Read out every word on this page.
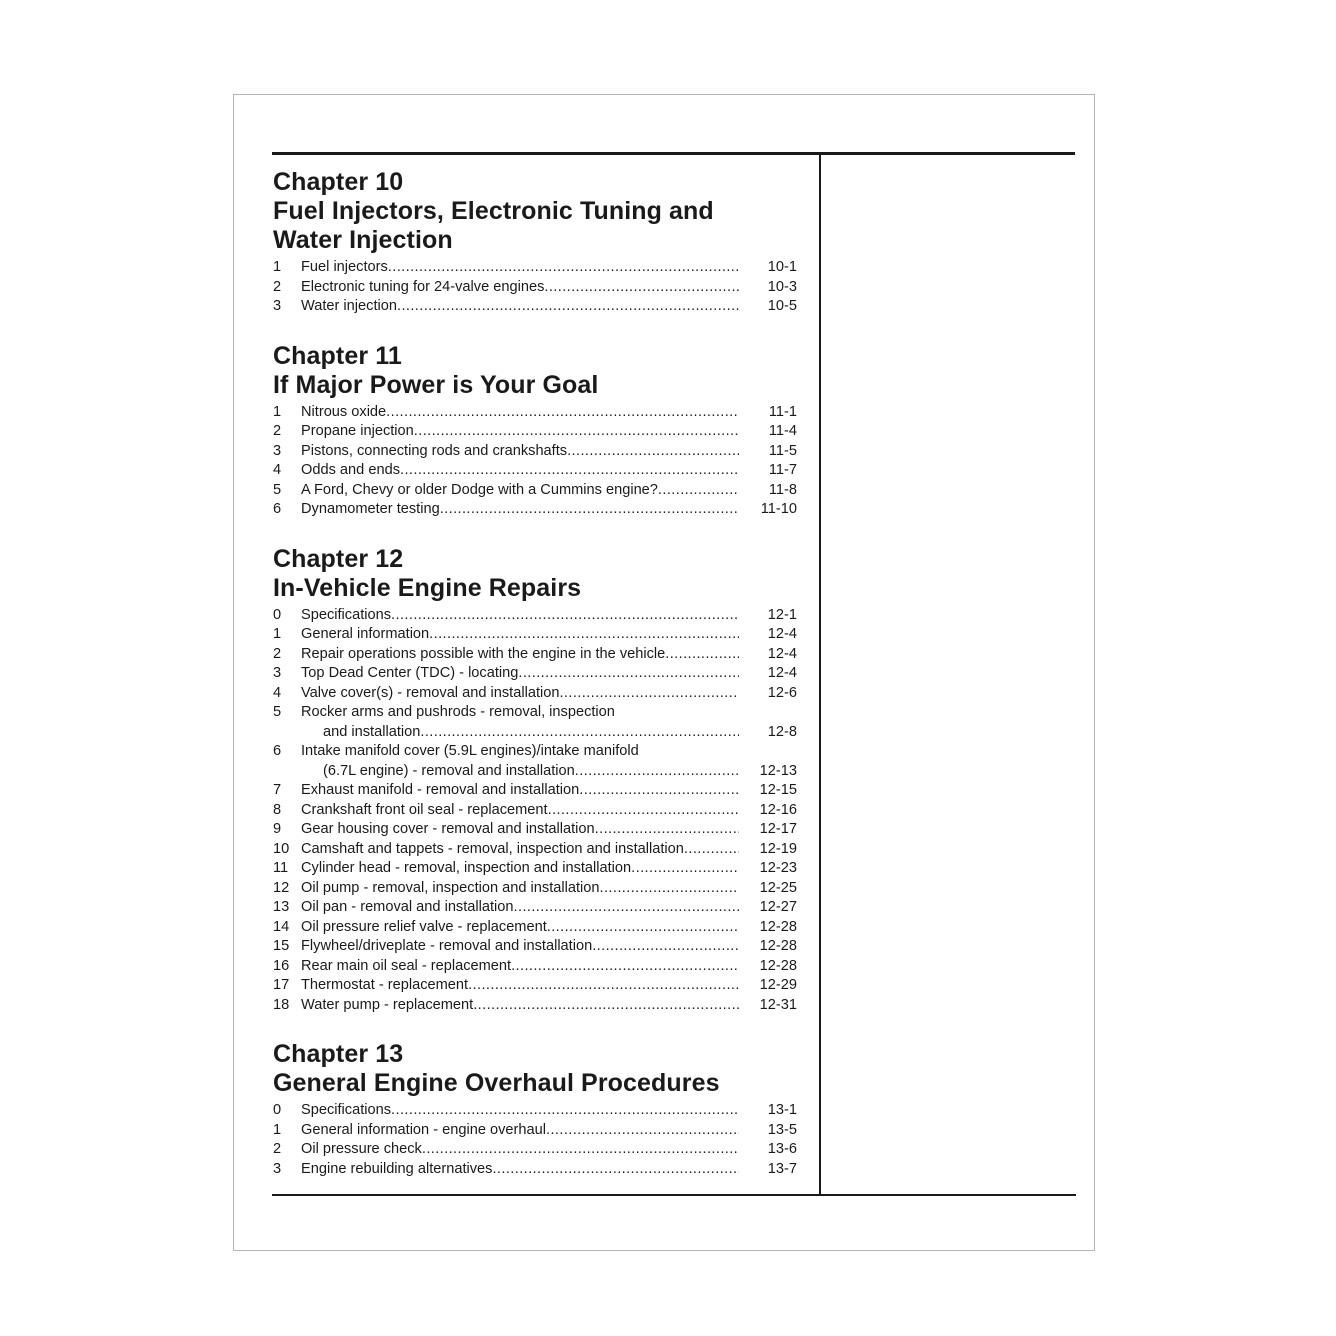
Chapter 10
Fuel Injectors, Electronic Tuning and
Water Injection
1	Fuel injectors .....	10-1
2	Electronic tuning for 24-valve engines .....	10-3
3	Water injection .....	10-5
Chapter 11
If Major Power is Your Goal
1	Nitrous oxide .....	11-1
2	Propane injection .....	11-4
3	Pistons, connecting rods and crankshafts .....	11-5
4	Odds and ends .....	11-7
5	A Ford, Chevy or older Dodge with a Cummins engine? .....	11-8
6	Dynamometer testing .....	11-10
Chapter 12
In-Vehicle Engine Repairs
0	Specifications .....	12-1
1	General information .....	12-4
2	Repair operations possible with the engine in the vehicle .....	12-4
3	Top Dead Center (TDC) - locating .....	12-4
4	Valve cover(s) - removal and installation .....	12-6
5	Rocker arms and pushrods - removal, inspection
and installation .....	12-8
6	Intake manifold cover (5.9L engines)/intake manifold
(6.7L engine) - removal and installation .....	12-13
7	Exhaust manifold - removal and installation .....	12-15
8	Crankshaft front oil seal - replacement .....	12-16
9	Gear housing cover - removal and installation .....	12-17
10 Camshaft and tappets - removal, inspection and installation .....	12-19
11 Cylinder head - removal, inspection and installation .....	12-23
12 Oil pump - removal, inspection and installation .....	12-25
13 Oil pan - removal and installation .....	12-27
14 Oil pressure relief valve - replacement .....	12-28
15 Flywheel/driveplate - removal and installation .....	12-28
16 Rear main oil seal - replacement .....	12-28
17 Thermostat - replacement .....	12-29
18 Water pump - replacement .....	12-31
Chapter 13
General Engine Overhaul Procedures
0	Specifications .....	13-1
1	General information - engine overhaul .....	13-5
2	Oil pressure check .....	13-6
3	Engine rebuilding alternatives .....	13-7
